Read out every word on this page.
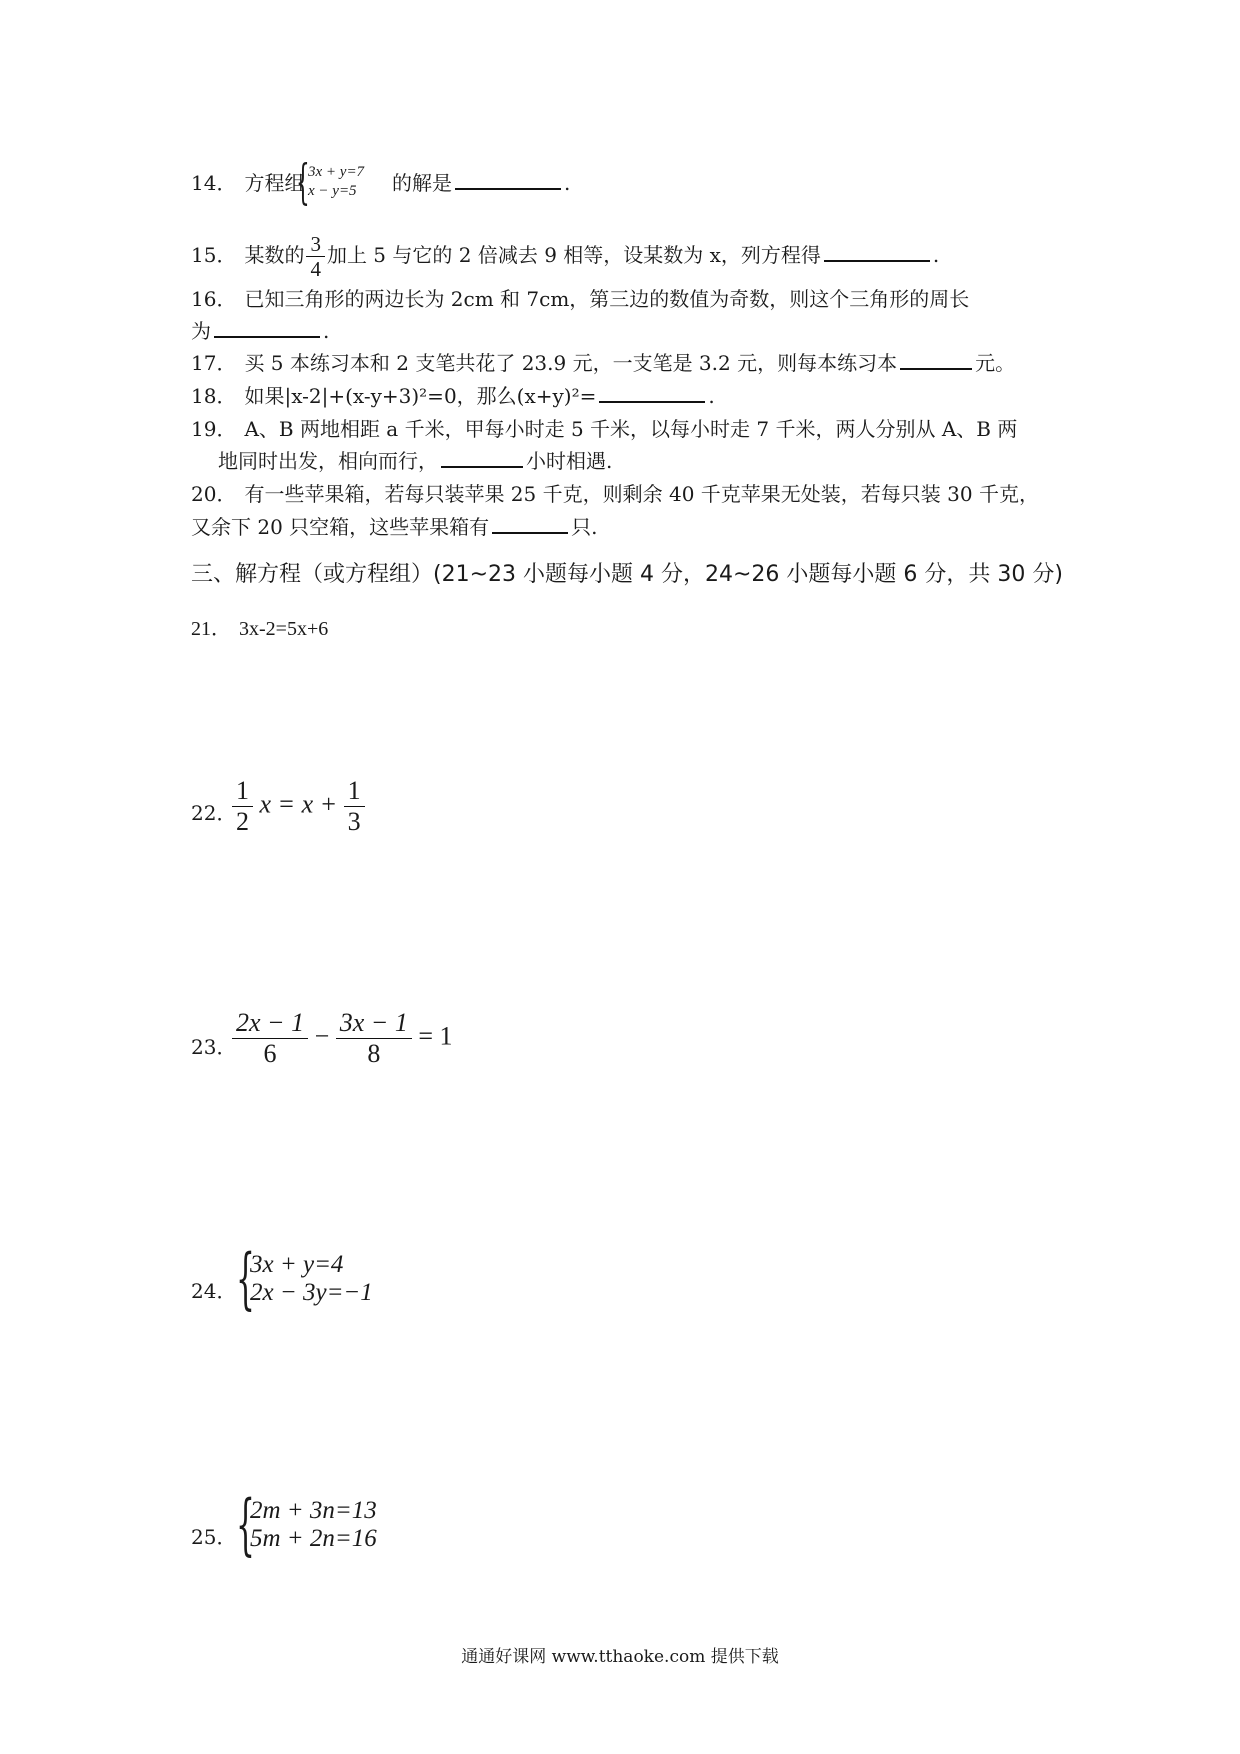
14． 方程组
{
3x + y=7
x − y=5 的解是	.
15． 某数的 $\frac{3}{4}$ 加上 5 与它的 2 倍减去 9 相等，设某数为 x，列方程得	.
16． 已知三角形的两边长为 2cm 和 7cm，第三边的数值为奇数，则这个三角形的周长
为	.
17． 买 5 本练习本和 2 支笔共花了 23.9 元，一支笔是 3.2 元，则每本练习本	元。
18． 如果|x-2|+(x-y+3)²=0，那么(x+y)²=	.
19． A、B 两地相距 a 千米，甲每小时走 5 千米，以每小时走 7 千米，两人分别从 A、B 两
地同时出发，相向而行，	小时相遇.
20． 有一些苹果箱，若每只装苹果 25 千克，则剩余 40 千克苹果无处装，若每只装 30 千克，
又余下 20 只空箱，这些苹果箱有	只.
三、解方程（或方程组）(21~23 小题每小题 4 分，24~26 小题每小题 6 分，共 30 分)
21． 3x-2=5x+6
22．
$\frac{1}{2}$ $x = x + \frac{1}{3}$
23．
$\frac{2x - 1}{6} - \frac{3x - 1}{8} = 1$
24． {
3x + y=4
2x − 3y=−1
25． {
2m + 3n=13
5m + 2n=16
通通好课网 www.tthaoke.com 提供下载
